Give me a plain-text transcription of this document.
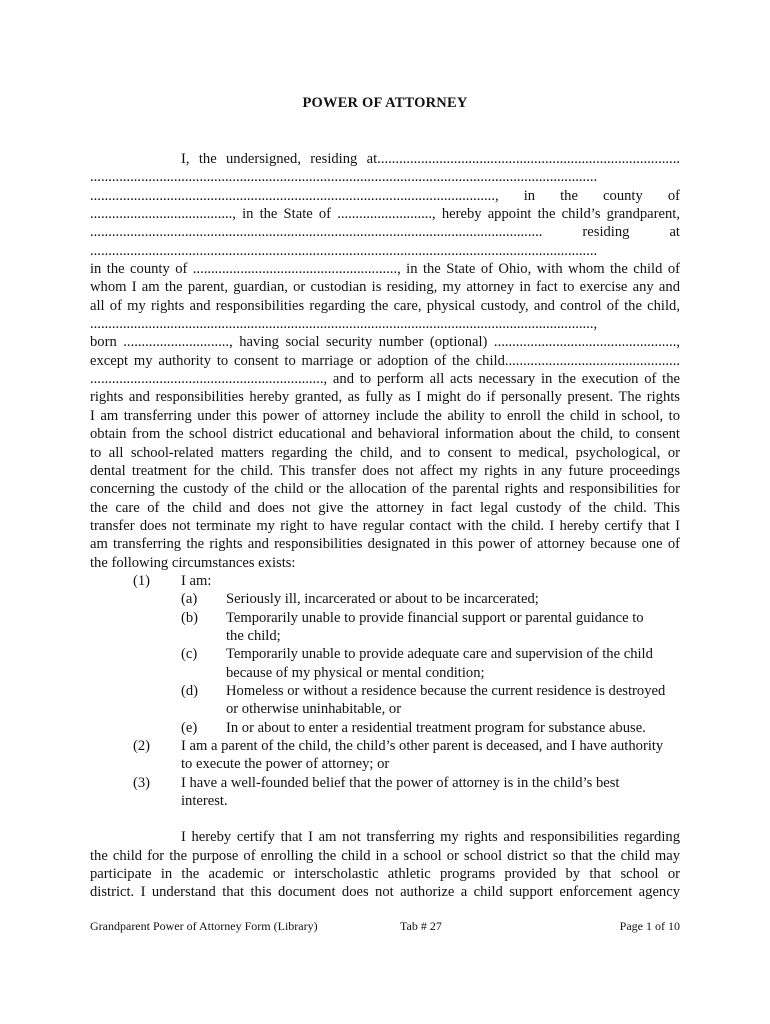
POWER OF ATTORNEY
I, the undersigned, residing at...................................................................................
...........................................................................................................................................
..............................................................................................................., in the county of
......................................., in the State of .........................., hereby appoint the child’s grandparent,
............................................................................................................................ residing at
...........................................................................................................................................
in the county of ........................................................, in the State of Ohio, with whom the child of
whom I am the parent, guardian, or custodian is residing, my attorney in fact to exercise any and
all of my rights and responsibilities regarding the care, physical custody, and control of the child,
..........................................................................................................................................,
born ............................., having social security number (optional) ..................................................,
except my authority to consent to marriage or adoption of the child................................................
................................................................, and to perform all acts necessary in the execution of the
rights and responsibilities hereby granted, as fully as I might do if personally present. The rights
I am transferring under this power of attorney include the ability to enroll the child in school, to
obtain from the school district educational and behavioral information about the child, to consent
to all school-related matters regarding the child, and to consent to medical, psychological, or
dental treatment for the child. This transfer does not affect my rights in any future proceedings
concerning the custody of the child or the allocation of the parental rights and responsibilities for
the care of the child and does not give the attorney in fact legal custody of the child. This
transfer does not terminate my right to have regular contact with the child. I hereby certify that I
am transferring the rights and responsibilities designated in this power of attorney because one of
the following circumstances exists:
(1) I am:
(a) Seriously ill, incarcerated or about to be incarcerated;
(b) Temporarily unable to provide financial support or parental guidance to
the child;
(c) Temporarily unable to provide adequate care and supervision of the child
because of my physical or mental condition;
(d) Homeless or without a residence because the current residence is destroyed
or otherwise uninhabitable, or
(e) In or about to enter a residential treatment program for substance abuse.
(2) I am a parent of the child, the child’s other parent is deceased, and I have authority
to execute the power of attorney; or
(3) I have a well-founded belief that the power of attorney is in the child’s best
interest.
I hereby certify that I am not transferring my rights and responsibilities regarding
the child for the purpose of enrolling the child in a school or school district so that the child may
participate in the academic or interscholastic athletic programs provided by that school or
district. I understand that this document does not authorize a child support enforcement agency
Grandparent Power of Attorney Form (Library)	Tab # 27	Page 1 of 10
